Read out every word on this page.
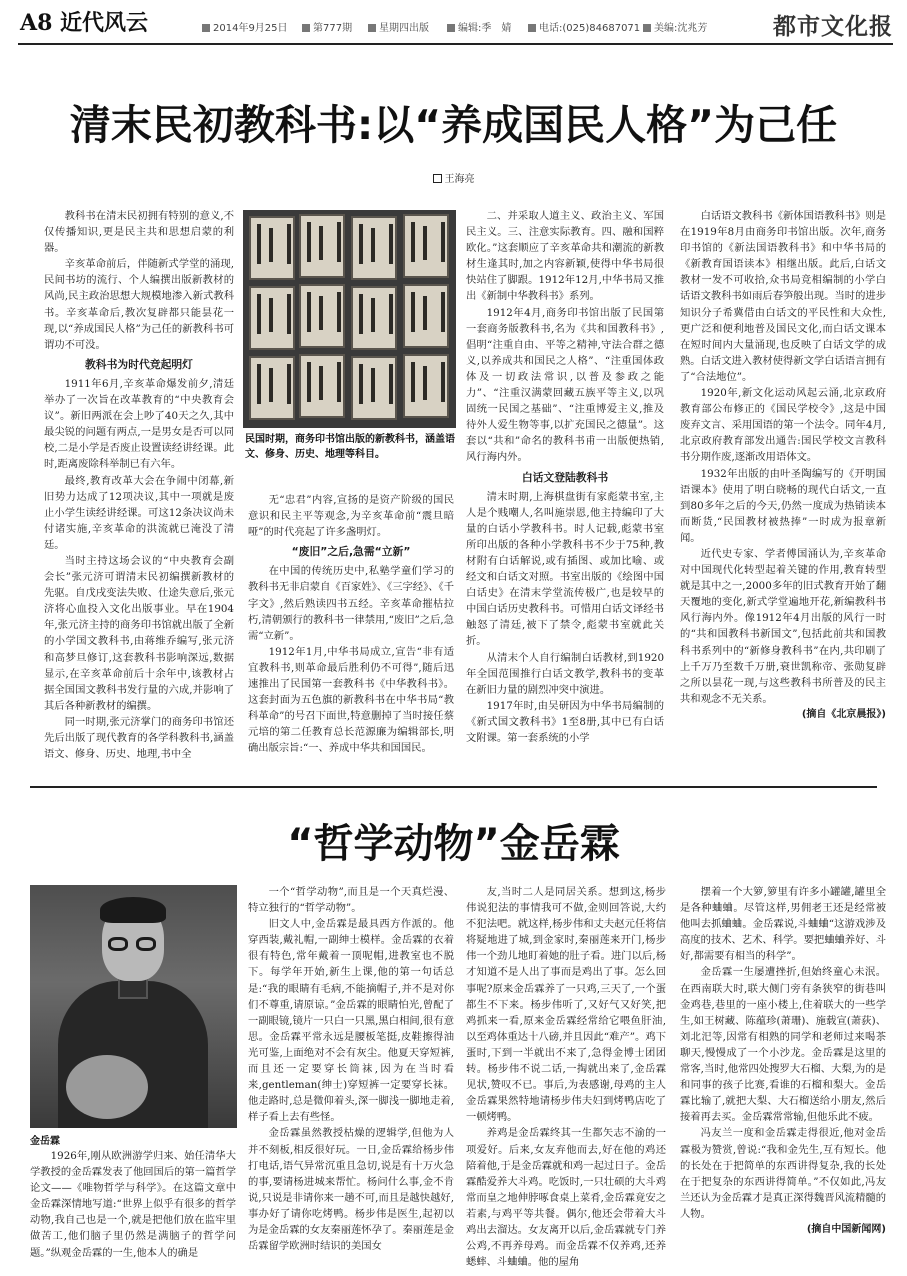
A8 近代风云	2014年9月25日	第777期	星期四出版	编辑:季　婧	电话:(025)84687071	美编:沈兆芳	都市文化报
清末民初教科书:以“养成国民人格”为己任
王海亮

教科书在清末民初拥有特别的意义,不仅传播知识,更是民主共和思想启蒙的利器。

辛亥革命前后，伴随新式学堂的涌现,民间书坊的流行、个人编撰出版新教材的风尚,民主政治思想大规模地渗入新式教科书。辛亥革命后,教次复辟都只能昙花一现,以“养成国民人格”为己任的新教科书可谓功不可没。

教科书为时代竞起明灯

1911年6月,辛亥革命爆发前夕,清廷举办了一次旨在改革教育的“中央教育会议”。新旧两派在会上吵了40天之久,其中最尖锐的问题有两点,一是男女是否可以同校,二是小学是否废止设置读经讲经课。此时,距离废除科举制已有六年。

最终,教育改革大会在争闹中闭幕,新旧势力达成了12项决议,其中一项就是废止小学生读经讲经课。可这12条决议尚未付诸实施,辛亥革命的洪流就已淹没了清廷。

当时主持这场会议的“中央教育会副会长”张元济可谓清末民初编撰新教材的先驱。自戊戌变法失败、仕途失意后,张元济将心血投入文化出版事业。早在1904年,张元济主持的商务印书馆就出版了全新的小学国文教科书,由蒋维乔编写,张元济和高梦旦修订,这套教科书影响深远,数据显示,在辛亥革命前后十余年中,该教材占据全国国文教科书发行量的六成,并影响了其后各种新教材的编撰。

同一时期,张元济掌门的商务印书馆还先后出版了现代教育的各学科教科书,涵盖语文、修身、历史、地理,书中全

民国时期，商务印书馆出版的新教科书，涵盖语文、修身、历史、地理等科目。

无“忠君”内容,宣扬的是资产阶级的国民意识和民主平等观念,为辛亥革命前“震旦暗哑”的时代亮起了许多盏明灯。

“废旧”之后,急需“立新”

在中国的传统历史中,私塾学童们学习的教科书无非启蒙自《百家姓》、《三字经》、《千字文》,然后熟读四书五经。辛亥革命摧枯拉朽,清朝颁行的教科书一律禁用,“废旧”之后,急需“立新”。

1912年1月,中华书局成立,宣告“非有适宜教科书,则革命最后胜利仍不可得”,随后迅速推出了民国第一套教科书《中华教科书》。这套封面为五色旗的新教科书在中华书局“教科革命”的号召下面世,特意删掉了当时接任蔡元培的第二任教育总长范源廉为编辑部长,明确出版宗旨:“一、养成中华共和国国民。

二、并采取人道主义、政治主义、军国民主义。三、注意实际教育。四、融和国粹欧化。”这套顺应了辛亥革命共和潮流的新教材生逢其时,加之内容新颖,使得中华书局很快站住了脚跟。1912年12月,中华书局又推出《新制中华教科书》系列。

1912年4月,商务印书馆出版了民国第一套商务版教科书,名为《共和国教科书》,倡明“注重自由、平等之精神,守法合群之德义,以养成共和国民之人格”、“注重国体政体及一切政法常识,以普及参政之能力”、“注重汉满蒙回藏五族平等主义,以巩固统一民国之基础”、“注重博爱主义,推及待外人爱生物等事,以扩充国民之德量”。这套以“共和”命名的教科书甫一出版便热销,风行海内外。

白话文登陆教科书

清末时期,上海棋盘街有家彪蒙书室,主人是个贱嘲人,名叫施崇恩,他主持编印了大量的白话小学教科书。时人记载,彪蒙书室所印出版的各种小学教科书不少于75种,教材附有白话解说,或有插图、或加比喻、或经文和白话文对照。书室出版的《绘图中国白话史》在清末学堂流传极广,也是较早的中国白话历史教科书。可惜用白话文译经书触怒了清廷,被下了禁令,彪蒙书室就此关折。

从清末个人自行编制白话教材,到1920年全国范围推行白话文教学,教科书的变革在新旧力量的剧烈冲突中演进。

1917年时,由吴研因为中华书局编制的《新式国文教科书》1至8册,其中已有白话文附课。第一套系统的小学

白话语文教科书《新体国语教科书》则是在1919年8月由商务印书馆出版。次年,商务印书馆的《新法国语教科书》和中华书局的《新教育国语读本》相继出版。此后,白话文教材一发不可收拾,众书局竞相编制的小学白话语文教科书如雨后春笋般出现。当时的进步知识分子希冀借由白话文的平民性和大众性,更广泛和便利地普及国民文化,而白话文课本在短时间内大量涌现,也反映了白话文学的成熟。白话文进入教材使得新文学白话语言拥有了“合法地位”。

1920年,新文化运动风起云涌,北京政府教育部公布修正的《国民学校令》,这是中国废弃文言、采用国语的第一个法令。同年4月,北京政府教育部发出通告:国民学校文言教科书分期作废,逐渐改用语体文。

1932年出版的由叶圣陶编写的《开明国语课本》使用了明白晓畅的现代白话文,一直到80多年之后的今天,仍然一度成为热销读本而断货,“民国教材被热捧”一时成为报章新闻。

近代史专家、学者傅国涌认为,辛亥革命对中国现代化转型起着关键的作用,教育转型就是其中之一,2000多年的旧式教育开始了翻天覆地的变化,新式学堂遍地开花,新编教科书风行海内外。像1912年4月出版的风行一时的“共和国教科书新国文”,包括此前共和国教科书系列中的“新修身教科书”在内,共印刷了上千万乃至数千万册,衰世凯称帝、张勋复辟之所以昙花一现,与这些教科书所普及的民主共和观念不无关系。

(摘自《北京晨报》)

“哲学动物”金岳霖
金岳霖

1926年,刚从欧洲游学归来、始任清华大学教授的金岳霖发表了他回国后的第一篇哲学论文——《唯物哲学与科学》。在这篇文章中金岳霖深情地写道:“世界上似乎有很多的哲学动物,我自己也是一个,就是把他们放在监牢里做苦工,他们脑子里仍然是满脑子的哲学问题。”纵观金岳霖的一生,他本人的确是

一个“哲学动物”,而且是一个天真烂漫、特立独行的“哲学动物”。

旧文人中,金岳霖是最具西方作派的。他穿西装,戴礼帽,一副绅士模样。金岳霖的衣着很有特色,常年戴着一顶呢帽,进教室也不脱下。每学年开始,新生上课,他的第一句话总是:“我的眼睛有毛病,不能摘帽子,并不是对你们不尊重,请原谅。”金岳霖的眼睛怕光,曾配了一副眼镜,镜片一只白一只黑,黑白相间,很有意思。金岳霖平常永远是腰板笔挺,皮鞋擦得油光可鉴,上面绝对不会有灰尘。他夏天穿短裤,而且还一定要穿长筒袜,因为在当时看来,gentleman(绅士)穿短裤一定要穿长袜。他走路时,总是微仰着头,深一脚浅一脚地走着,样子看上去有些怪。

金岳霖虽然教授枯燥的逻辑学,但他为人并不刻板,相反很好玩。一日,金岳霖给杨步伟打电话,语气异常沉重且急切,说是有十万火急的事,要请杨进城来帮忙。杨问什么事,金不肯说,只说是非请你来一趟不可,而且是越快越好,事办好了请你吃烤鸭。杨步伟是医生,起初以为是金岳霖的女友秦丽莲怀孕了。秦丽莲是金岳霖留学欧洲时结识的美国女

友,当时二人是同居关系。想到这,杨步伟说犯法的事情我可不做,金则回答说,大约不犯法吧。就这样,杨步伟和丈夫赵元任将信将疑地进了城,到金家时,秦丽莲来开门,杨步伟一个劲儿地盯着她的肚子看。进门以后,杨才知道不是人出了事而是鸡出了事。怎么回事呢?原来金岳霖养了一只鸡,三天了,一个蛋都生不下来。杨步伟听了,又好气又好笑,把鸡抓来一看,原来金岳霖经常给它喂鱼肝油,以至鸡体重达十八磅,并且因此“难产”。鸡下蛋时,下到一半就出不来了,急得金博士团团转。杨步伟不说二话,一掏就出来了,金岳霖见状,赞叹不已。事后,为表感谢,母鸡的主人金岳霖果然特地请杨步伟夫妇到烤鸭店吃了一顿烤鸭。

养鸡是金岳霖终其一生都矢志不渝的一项爱好。后来,女友弃他而去,好在他的鸡还陪着他,于是金岳霖就和鸡一起过日子。金岳霖酷爱养大斗鸡。吃饭时,一只壮硕的大斗鸡常而皇之地伸脖啄食桌上菜肴,金岳霖竟安之若素,与鸡平等共餐。偶尔,他还会带着大斗鸡出去溜达。女友离开以后,金岳霖就专门养公鸡,不再养母鸡。而金岳霖不仅养鸡,还养蟋蟀、斗蛐蛐。他的屋角

摆着一个大箩,箩里有许多小罐罐,罐里全是各种蛐蛐。尽管这样,男佣老王还是经常被他叫去抓蛐蛐。金岳霖说,斗蛐蛐“这游戏涉及高度的技术、艺术、科学。要把蛐蛐养好、斗好,都需要有相当的科学”。

金岳霖一生屡遭挫折,但始终童心未泯。在西南联大时,联大侧门旁有条狭窄的街巷叫金鸡巷,巷里的一座小楼上,住着联大的一些学生,如王树藏、陈蕴珍(萧珊)、施载宣(萧荻)、刘北汜等,因常有相熟的同学和老师过来喝茶聊天,慢慢成了一个小沙龙。金岳霖是这里的常客,当时,他常四处搜罗大石榴、大梨,为的是和同事的孩子比赛,看谁的石榴和梨大。金岳霖比输了,就把大梨、大石榴送给小朋友,然后接着再去买。金岳霖常常输,但他乐此不疲。

冯友兰一度和金岳霖走得很近,他对金岳霖极为赞赏,曾说:“我和金先生,互有短长。他的长处在于把简单的东西讲得复杂,我的长处在于把复杂的东西讲得简单。”不仅如此,冯友兰还认为金岳霖才是真正深得魏晋风流精髓的人物。

(摘自中国新闻网)
